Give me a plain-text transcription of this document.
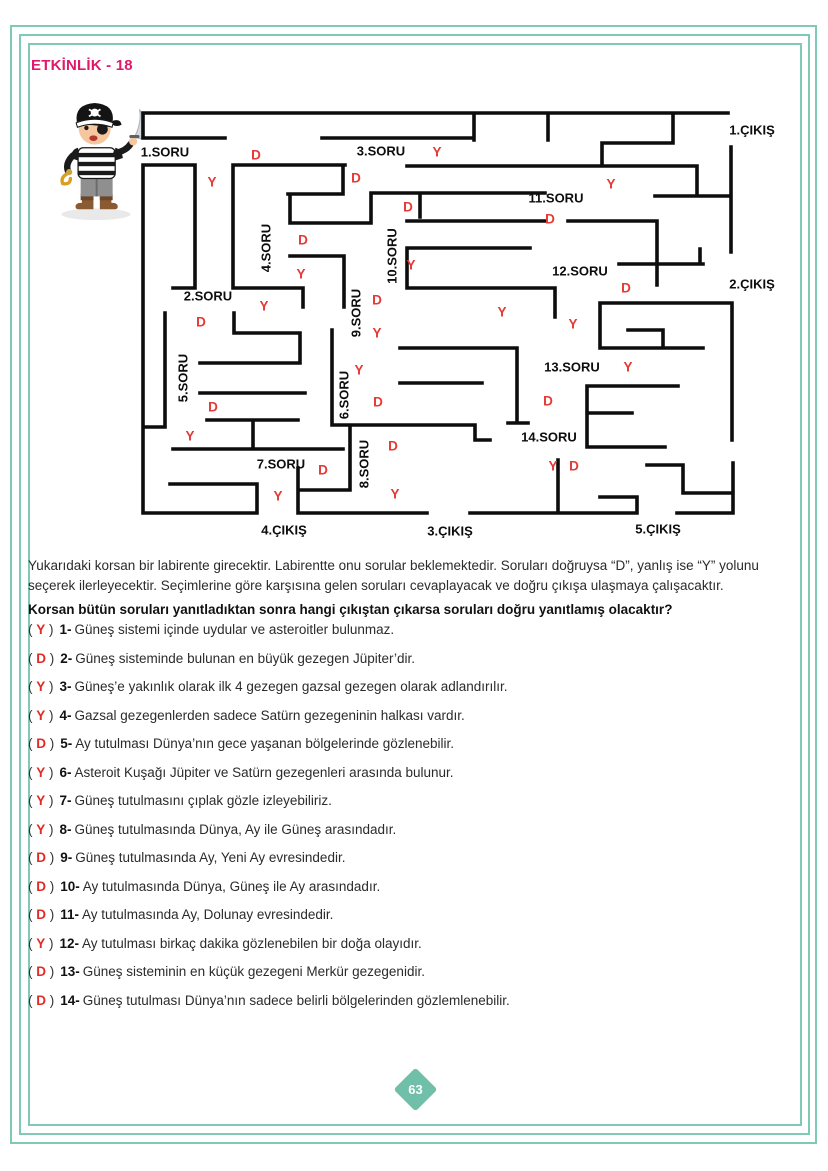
ETKİNLİK - 18
1.SORU
2.SORU
3.SORU
4.SORU
5.SORU	6.SORU
7.SORU	8.SORU
9.SORU
10.SORU
11.SORU
12.SORU
13.SORU
14.SORU
1.ÇIKIŞ
2.ÇIKIŞ
3.ÇIKIŞ
4.ÇIKIŞ	5.ÇIKIŞ
D	Y
Y	D	Y
D
D
D
Y
Y
D
D
Y	Y
D	Y
Y
Y
Y
D
D	D
Y
D
D	Y D
Y
Y

Yukarıdaki korsan bir labirente girecektir. Labirentte onu sorular beklemektedir. Soruları doğruysa “D”, yanlış ise “Y” yolunu seçerek ilerleyecektir. Seçimlerine göre karşısına gelen soruları cevaplayacak ve doğru çıkışa ulaşmaya çalışacaktır.

Korsan bütün soruları yanıtladıktan sonra hangi çıkıştan çıkarsa soruları doğru yanıtlamış olacaktır?

( Y ) 1- Güneş sistemi içinde uydular ve asteroitler bulunmaz.
( D ) 2- Güneş sisteminde bulunan en büyük gezegen Jüpiter’dir.
( Y ) 3- Güneş’e yakınlık olarak ilk 4 gezegen gazsal gezegen olarak adlandırılır.
( Y ) 4- Gazsal gezegenlerden sadece Satürn gezegeninin halkası vardır.
( D ) 5- Ay tutulması Dünya’nın gece yaşanan bölgelerinde gözlenebilir.
( Y ) 6- Asteroit Kuşağı Jüpiter ve Satürn gezegenleri arasında bulunur.
( Y ) 7- Güneş tutulmasını çıplak gözle izleyebiliriz.
( Y ) 8- Güneş tutulmasında Dünya, Ay ile Güneş arasındadır.
( D ) 9- Güneş tutulmasında Ay, Yeni Ay evresindedir.
( D ) 10- Ay tutulmasında Dünya, Güneş ile Ay arasındadır.
( D ) 11- Ay tutulmasında Ay, Dolunay evresindedir.
( Y ) 12- Ay tutulması birkaç dakika gözlenebilen bir doğa olayıdır.
( D ) 13- Güneş sisteminin en küçük gezegeni Merkür gezegenidir.
( D ) 14- Güneş tutulması Dünya’nın sadece belirli bölgelerinden gözlemlenebilir.
63
